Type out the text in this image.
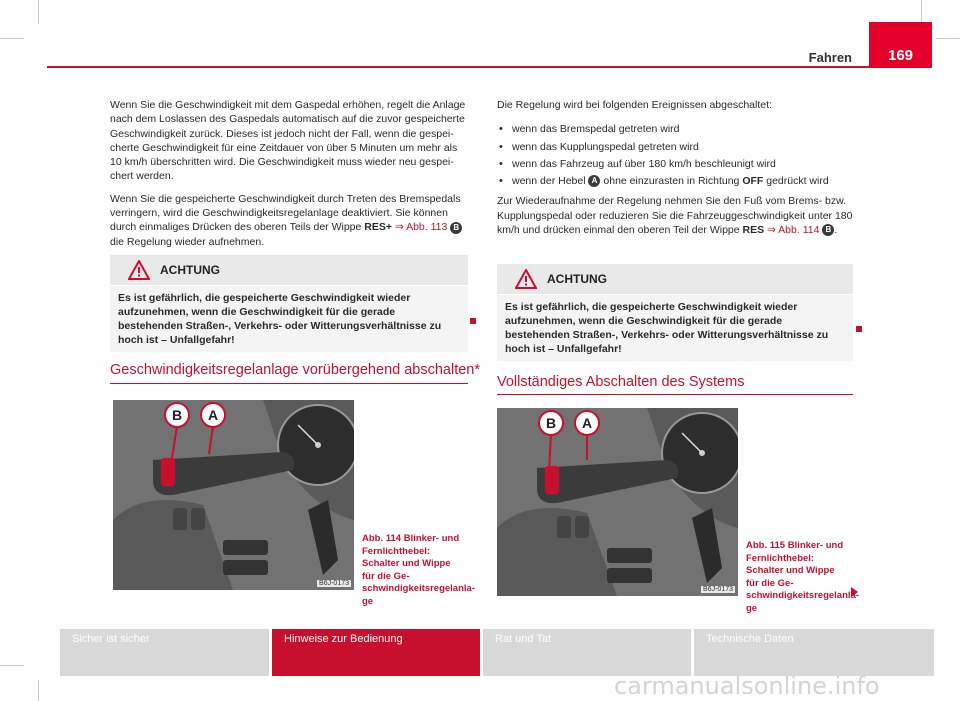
Fahren 169

Wenn Sie die Geschwindigkeit mit dem Gaspedal erhöhen, regelt die Anlage nach dem Loslassen des Gaspedals automatisch auf die zuvor gespeicherte Geschwindigkeit zurück. Dieses ist jedoch nicht der Fall, wenn die gespeicherte Geschwindigkeit für eine Zeitdauer von über 5 Minuten um mehr als 10 km/h überschritten wird. Die Geschwindigkeit muss wieder neu gespeichert werden.

Wenn Sie die gespeicherte Geschwindigkeit durch Treten des Bremspedals verringern, wird die Geschwindigkeitsregelanlage deaktiviert. Sie können durch einmaliges Drücken des oberen Teils der Wippe RES+ ⇒ Abb. 113 B die Regelung wieder aufnehmen.

ACHTUNG
Es ist gefährlich, die gespeicherte Geschwindigkeit wieder aufzunehmen, wenn die Geschwindigkeit für die gerade bestehenden Straßen-, Verkehrs- oder Witterungsverhältnisse zu hoch ist – Unfallgefahr!
Geschwindigkeitsregelanlage vorübergehend abschalten*
B A
B6J-0173
Abb. 114 Blinker- und Fernlichthebel: Schalter und Wippe für die Geschwindigkeitsregelanlage

Die Regelung wird bei folgenden Ereignissen abgeschaltet:

• wenn das Bremspedal getreten wird
• wenn das Kupplungspedal getreten wird
• wenn das Fahrzeug auf über 180 km/h beschleunigt wird
• wenn der Hebel A ohne einzurasten in Richtung OFF gedrückt wird

Zur Wiederaufnahme der Regelung nehmen Sie den Fuß vom Brems- bzw. Kupplungspedal oder reduzieren Sie die Fahrzeuggeschwindigkeit unter 180 km/h und drücken einmal den oberen Teil der Wippe RES ⇒ Abb. 114 B .

ACHTUNG
Es ist gefährlich, die gespeicherte Geschwindigkeit wieder aufzunehmen, wenn die Geschwindigkeit für die gerade bestehenden Straßen-, Verkehrs- oder Witterungsverhältnisse zu hoch ist – Unfallgefahr!
Vollständiges Abschalten des Systems
B A
B6J-0173
Abb. 115 Blinker- und Fernlichthebel: Schalter und Wippe für die Geschwindigkeitsregelanlage
Sicher ist sicher	Hinweise zur Bedienung	Rat und Tat	Technische Daten
carmanualsonline.info
